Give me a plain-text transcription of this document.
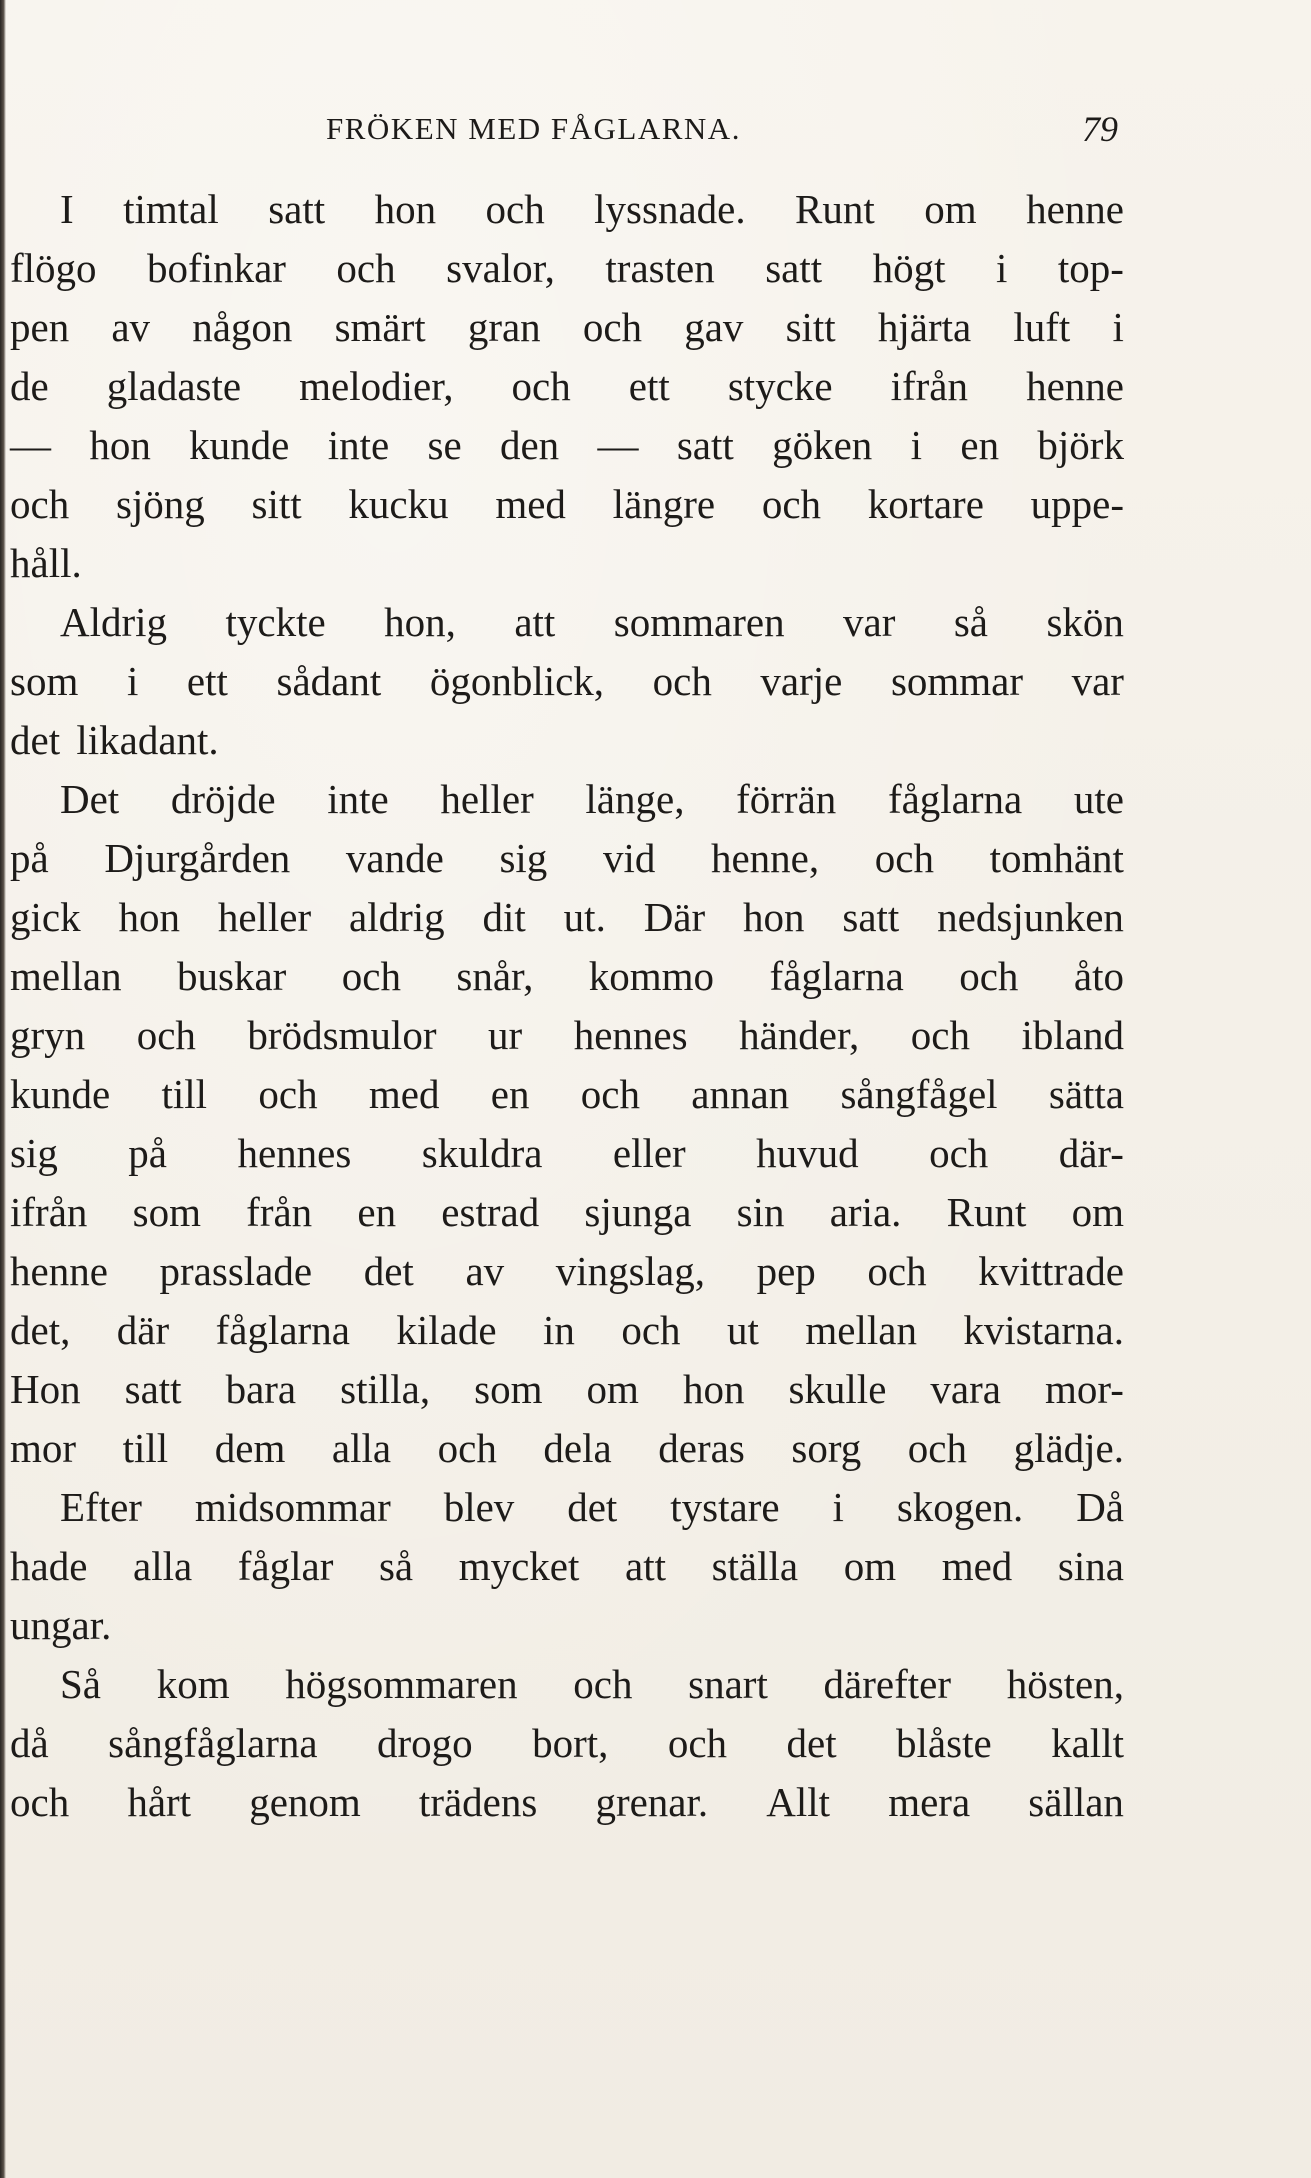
FRÖKEN MED FÅGLARNA.	79
I timtal satt hon och lyssnade. Runt om henne
flögo bofinkar och svalor, trasten satt högt i top-
pen av någon smärt gran och gav sitt hjärta luft i
de gladaste melodier, och ett stycke ifrån henne
— hon kunde inte se den — satt göken i en björk
och sjöng sitt kucku med längre och kortare uppe-
håll.
Aldrig tyckte hon, att sommaren var så skön
som i ett sådant ögonblick, och varje sommar var
det likadant.
Det dröjde inte heller länge, förrän fåglarna ute
på Djurgården vande sig vid henne, och tomhänt
gick hon heller aldrig dit ut. Där hon satt nedsjunken
mellan buskar och snår, kommo fåglarna och åto
gryn och brödsmulor ur hennes händer, och ibland
kunde till och med en och annan sångfågel sätta
sig på hennes skuldra eller huvud och där-
ifrån som från en estrad sjunga sin aria. Runt om
henne prasslade det av vingslag, pep och kvittrade
det, där fåglarna kilade in och ut mellan kvistarna.
Hon satt bara stilla, som om hon skulle vara mor-
mor till dem alla och dela deras sorg och glädje.
Efter midsommar blev det tystare i skogen. Då
hade alla fåglar så mycket att ställa om med sina
ungar.
Så kom högsommaren och snart därefter hösten,
då sångfåglarna drogo bort, och det blåste kallt
och hårt genom trädens grenar. Allt mera sällan
